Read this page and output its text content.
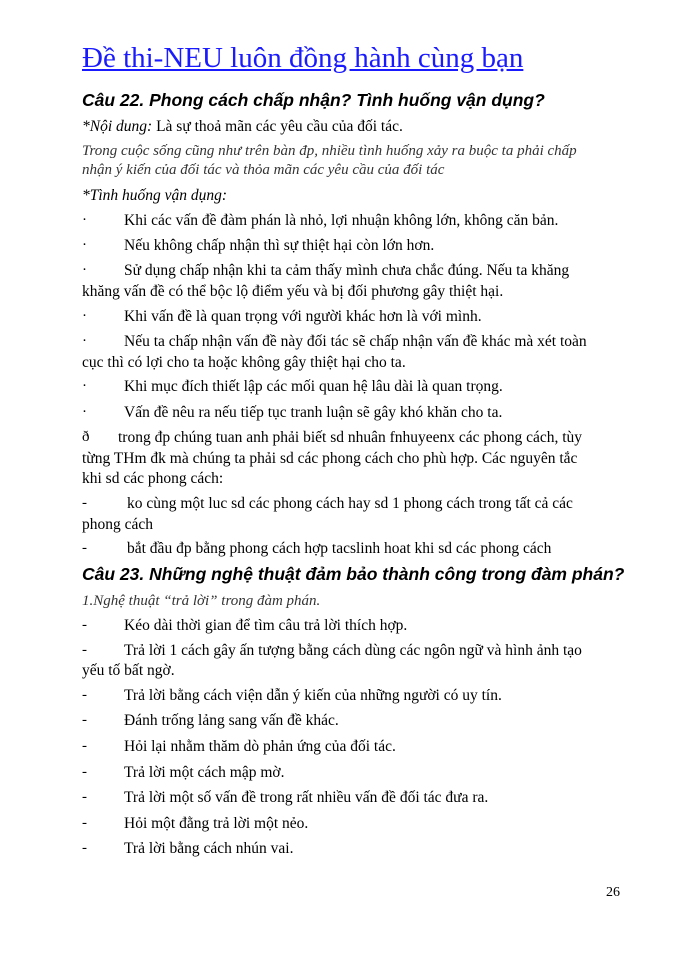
Đề thi-NEU luôn đồng hành cùng bạn
Câu 22. Phong cách chấp nhận? Tình huống vận dụng?
*Nội dung: Là sự thoả mãn các yêu cầu của đối tác.
Trong cuộc sống cũng như trên bàn đp, nhiều tình huống xảy ra buộc ta phải chấp
nhận ý kiến của đối tác và thỏa mãn các yêu cầu của đối tác
*Tình huống vận dụng:
· Khi các vấn đề đàm phán là nhỏ, lợi nhuận không lớn, không căn bản.
· Nếu không chấp nhận thì sự thiệt hại còn lớn hơn.
· Sử dụng chấp nhận khi ta cảm thấy mình chưa chắc đúng. Nếu ta khăng
khăng vấn đề có thể bộc lộ điểm yếu và bị đối phương gây thiệt hại.
· Khi vấn đề là quan trọng với người khác hơn là với mình.
· Nếu ta chấp nhận vấn đề này đối tác sẽ chấp nhận vấn đề khác mà xét toàn
cục thì có lợi cho ta hoặc không gây thiệt hại cho ta.
· Khi mục đích thiết lập các mối quan hệ lâu dài là quan trọng.
· Vấn đề nêu ra nếu tiếp tục tranh luận sẽ gây khó khăn cho ta.
ð trong đp chúng tuan anh phải biết sd nhuân fnhuyeenx các phong cách, tùy
từng THm đk mà chúng ta phải sd các phong cách cho phù hợp. Các nguyên tắc
khi sd các phong cách:
-	ko cùng một luc sd các phong cách hay sd 1 phong cách trong tất cả các
phong cách
-	bắt đầu đp bằng phong cách hợp tacslinh hoat khi sd các phong cách
Câu 23. Những nghệ thuật đảm bảo thành công trong đàm phán?
1.Nghệ thuật “trả lời” trong đàm phán.
- Kéo dài thời gian để tìm câu trả lời thích hợp.
- Trả lời 1 cách gây ấn tượng bằng cách dùng các ngôn ngữ và hình ảnh tạo
yếu tố bất ngờ.
- Trả lời bằng cách viện dẫn ý kiến của những người có uy tín.
- Đánh trống lảng sang vấn đề khác.
- Hỏi lại nhằm thăm dò phản ứng của đối tác.
- Trả lời một cách mập mờ.
- Trả lời một số vấn đề trong rất nhiều vấn đề đối tác đưa ra.
- Hỏi một đằng trả lời một nẻo.
- Trả lời bằng cách nhún vai.
26
